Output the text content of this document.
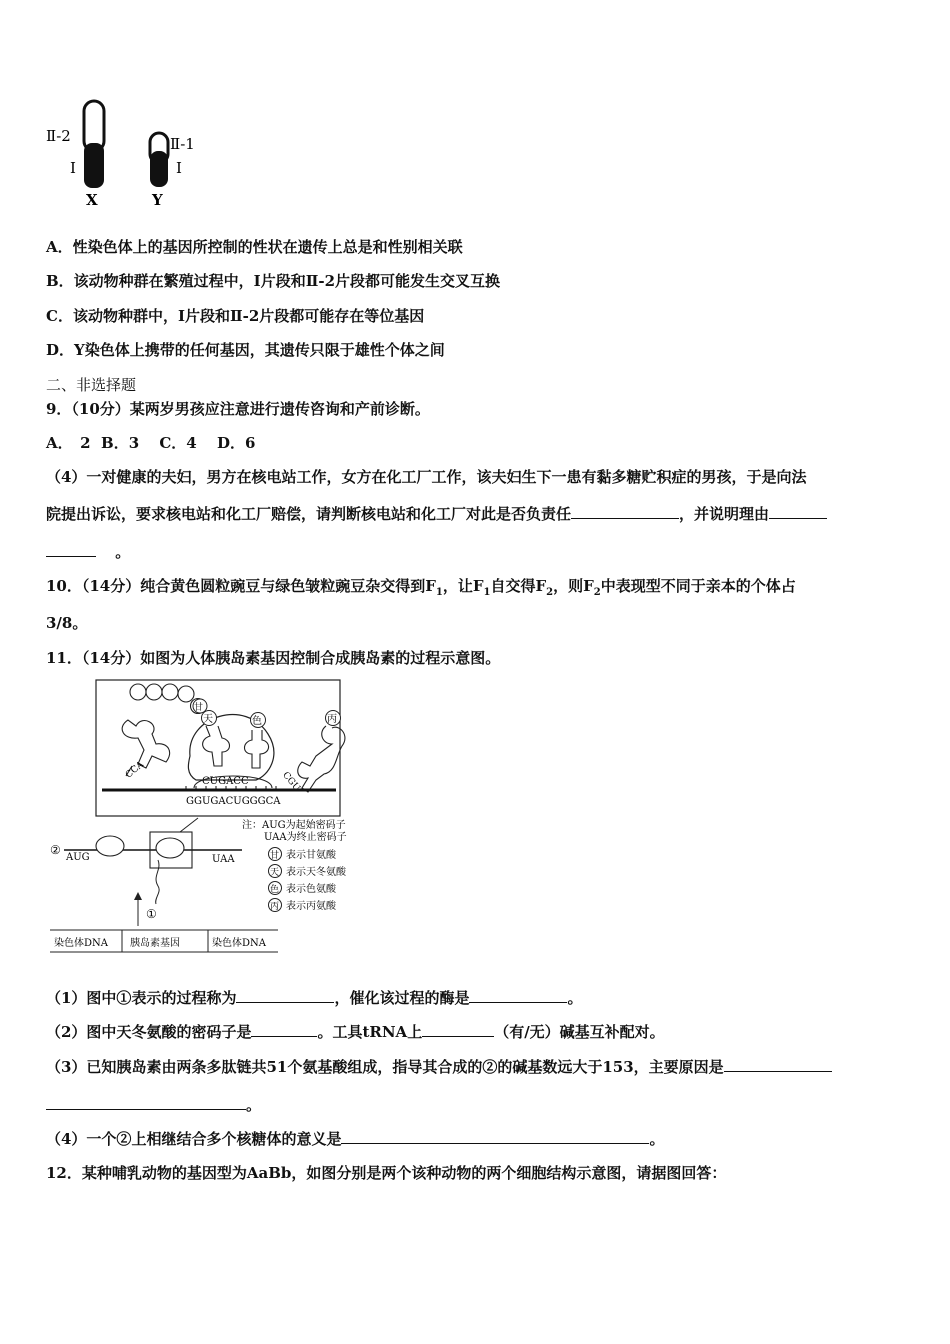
Ⅱ-2
Ⅰ
X
Ⅱ-1
Ⅰ
Y
A．性染色体上的基因所控制的性状在遗传上总是和性别相关联
B．该动物种群在繁殖过程中，Ⅰ片段和Ⅱ-2片段都可能发生交叉互换
C．该动物种群中，Ⅰ片段和Ⅱ-2片段都可能存在等位基因
D．Y染色体上携带的任何基因，其遗传只限于雄性个体之间
二、非选择题
9．（10分）某两岁男孩应注意进行遗传咨询和产前诊断。
A．　2  B．3　 C．4　 D．6
（4）一对健康的夫妇，男方在核电站工作，女方在化工厂工作，该夫妇生下一患有黏多糖贮积症的男孩，于是向法
院提出诉讼，要求核电站和化工厂赔偿，请判断核电站和化工厂对此是否负责任	，并说明理由
。
10．（14分）纯合黄色圆粒豌豆与绿色皱粒豌豆杂交得到$F_1$，让$F_1$自交得$F_2$，则$F_2$中表现型不同于亲本的个体占
3/8。
11．（14分）如图为人体胰岛素基因控制合成胰岛素的过程示意图。
甘
天	色	丙
CCA
CGU
CUGACC
GGUGACUGGGCA
②
AUG	UAA
①
注：AUG为起始密码子
UAA为终止密码子
甘
天
色
丙
表示甘氨酸
表示天冬氨酸
表示色氨酸
表示丙氨酸
染色体DNA 胰岛素基因	染色体DNA
（1）图中①表示的过程称为	，催化该过程的酶是	。
（2）图中天冬氨酸的密码子是	。工具tRNA上	（有/无）碱基互补配对。
（3）已知胰岛素由两条多肽链共51个氨基酸组成，指导其合成的②的碱基数远大于153，主要原因是
。
（4）一个②上相继结合多个核糖体的意义是	。
12．某种哺乳动物的基因型为AaBb，如图分别是两个该种动物的两个细胞结构示意图，请据图回答：
